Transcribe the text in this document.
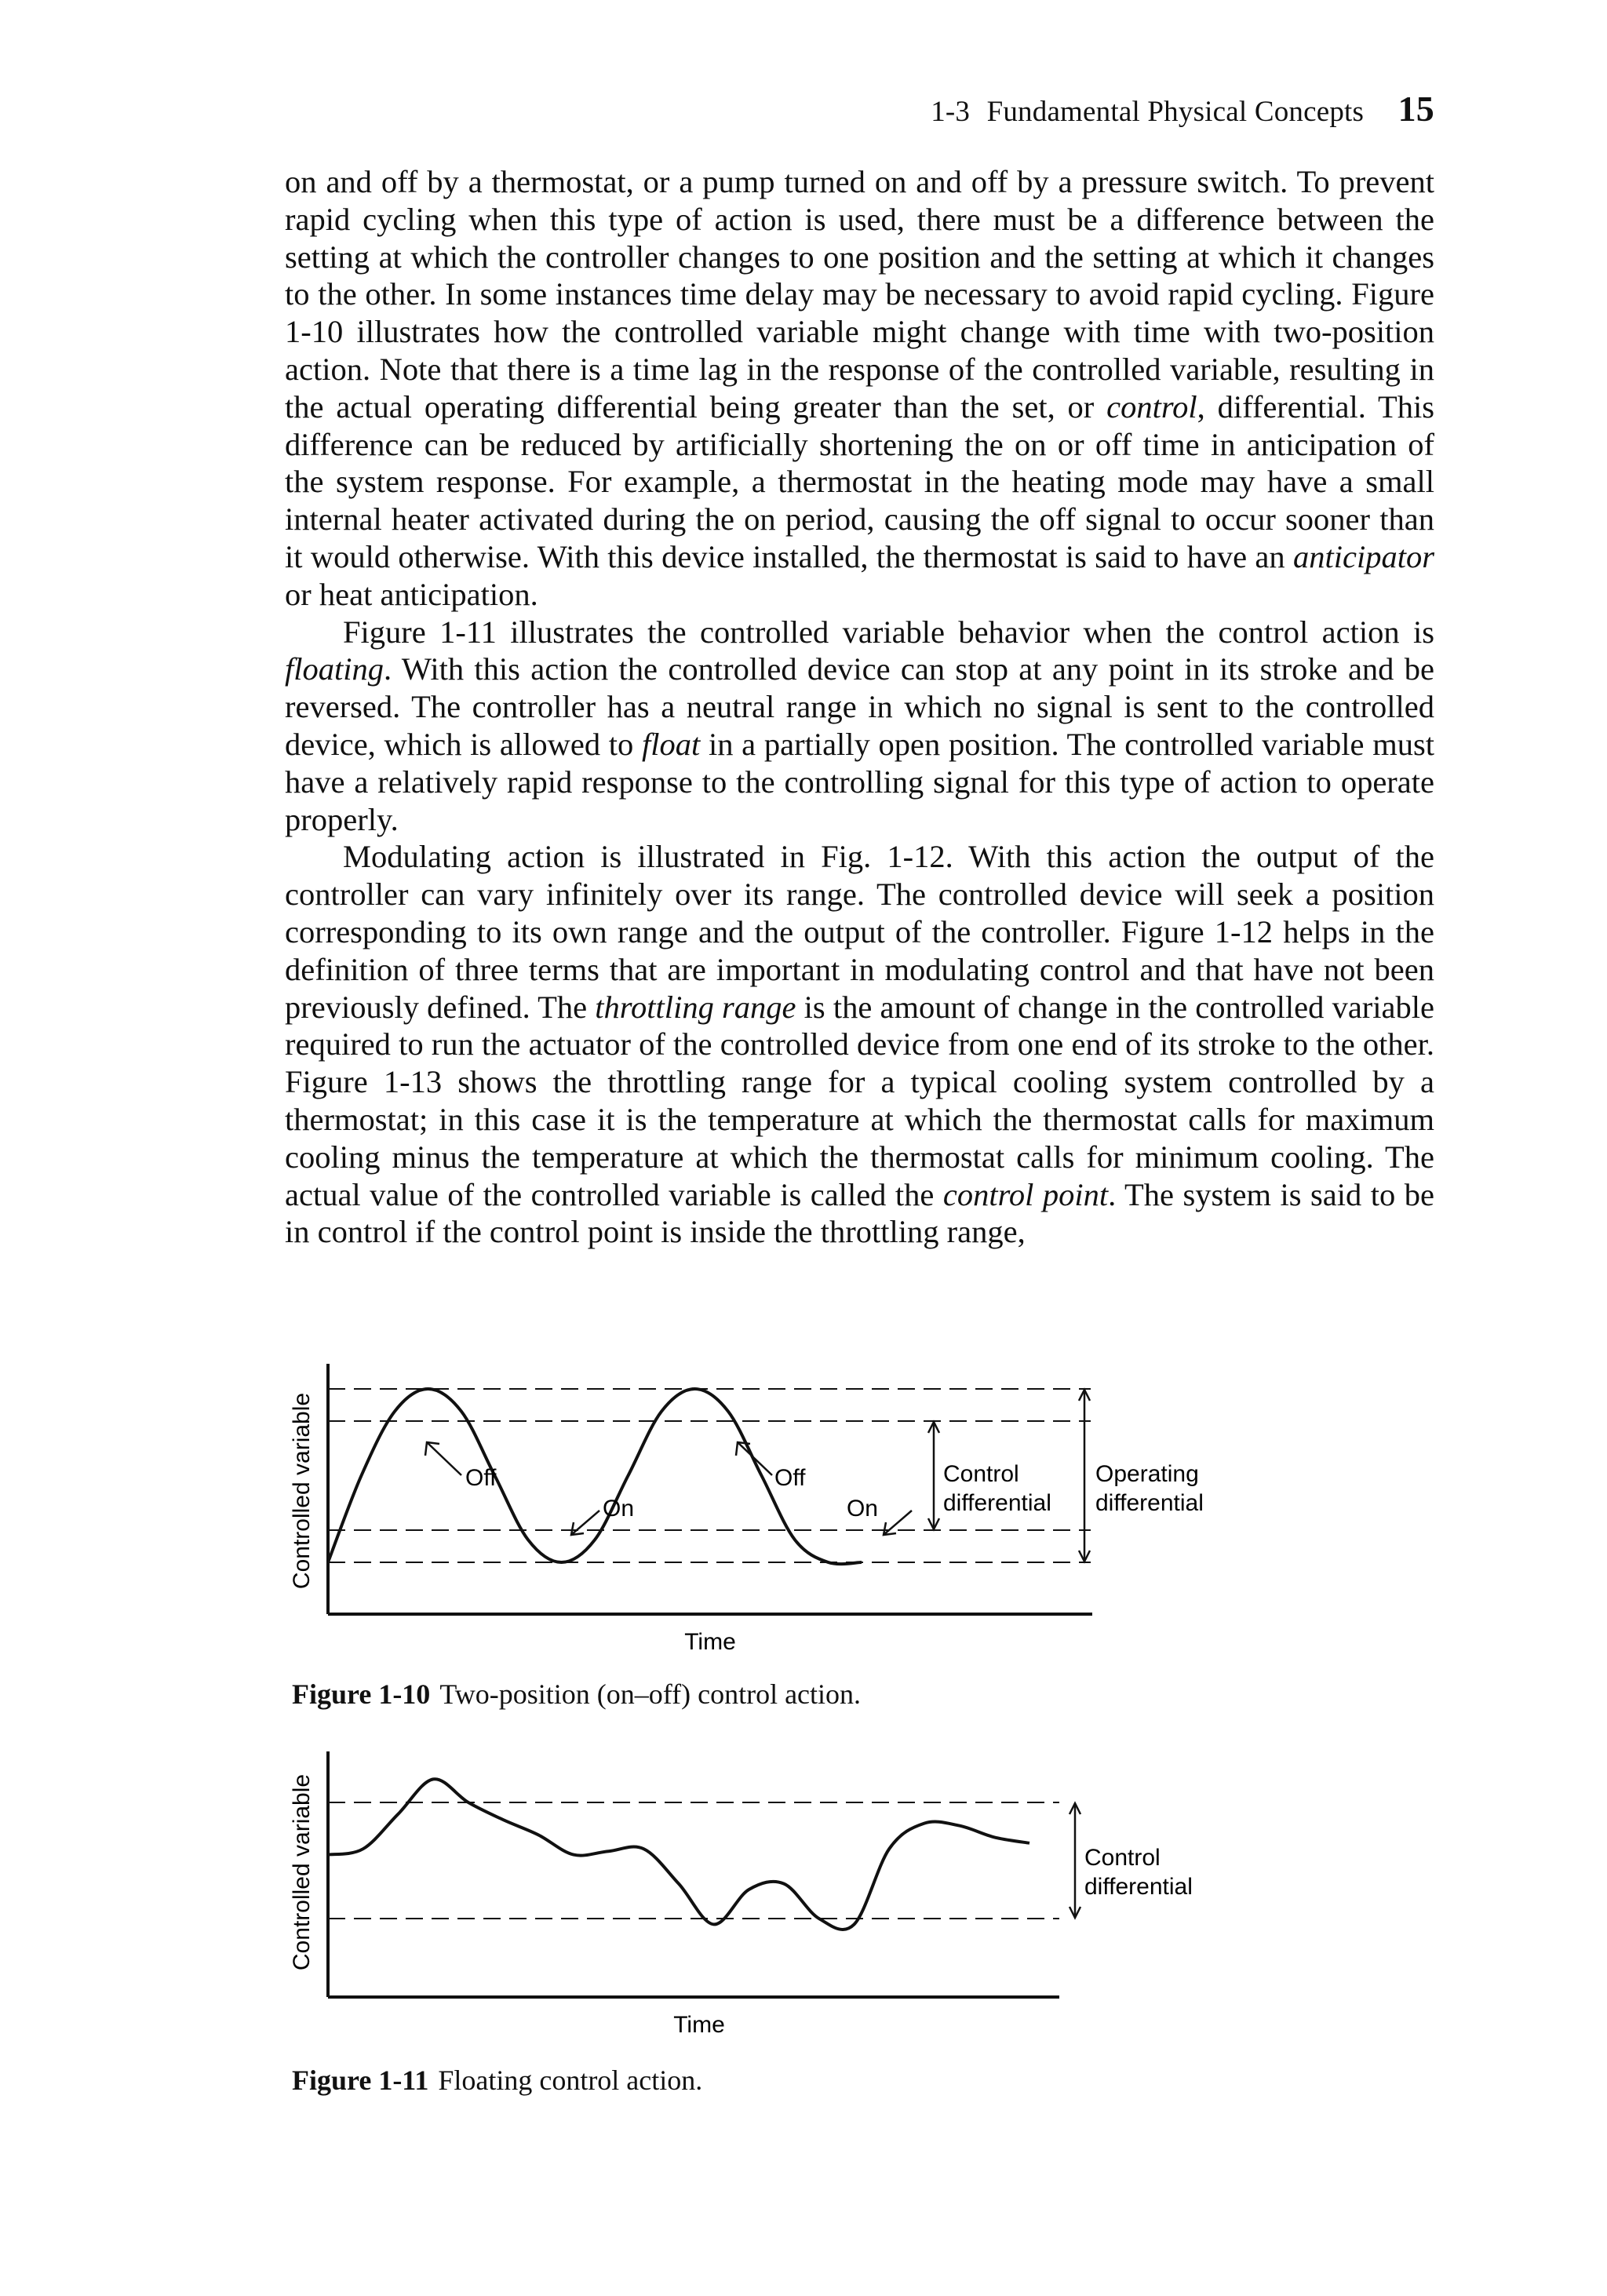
1-3 Fundamental Physical Concepts 15

on and off by a thermostat, or a pump turned on and off by a pressure switch. To prevent rapid cycling when this type of action is used, there must be a difference between the setting at which the controller changes to one position and the setting at which it changes to the other. In some instances time delay may be necessary to avoid rapid cycling. Figure 1-10 illustrates how the controlled variable might change with time with two-position action. Note that there is a time lag in the response of the controlled variable, resulting in the actual operating differential being greater than the set, or control, differential. This difference can be reduced by artificially shortening the on or off time in anticipation of the system response. For example, a thermostat in the heating mode may have a small internal heater activated during the on period, causing the off signal to occur sooner than it would otherwise. With this device installed, the thermostat is said to have an anticipator or heat anticipation.

Figure 1-11 illustrates the controlled variable behavior when the control action is floating. With this action the controlled device can stop at any point in its stroke and be reversed. The controller has a neutral range in which no signal is sent to the controlled device, which is allowed to float in a partially open position. The controlled variable must have a relatively rapid response to the controlling signal for this type of action to operate properly.

Modulating action is illustrated in Fig. 1-12. With this action the output of the controller can vary infinitely over its range. The controlled device will seek a position corresponding to its own range and the output of the controller. Figure 1-12 helps in the definition of three terms that are important in modulating control and that have not been previously defined. The throttling range is the amount of change in the controlled variable required to run the actuator of the controlled device from one end of its stroke to the other. Figure 1-13 shows the throttling range for a typical cooling system controlled by a thermostat; in this case it is the temperature at which the thermostat calls for maximum cooling minus the temperature at which the thermostat calls for minimum cooling. The actual value of the controlled variable is called the control point. The system is said to be in control if the control point is inside the throttling range,

Controlled variable
Time
Off
On
Off
On
Control
differential
Operating
differential
Figure 1-10 Two-position (on–off) control action.
Controlled variable
Time
Control
differential
Figure 1-11 Floating control action.
